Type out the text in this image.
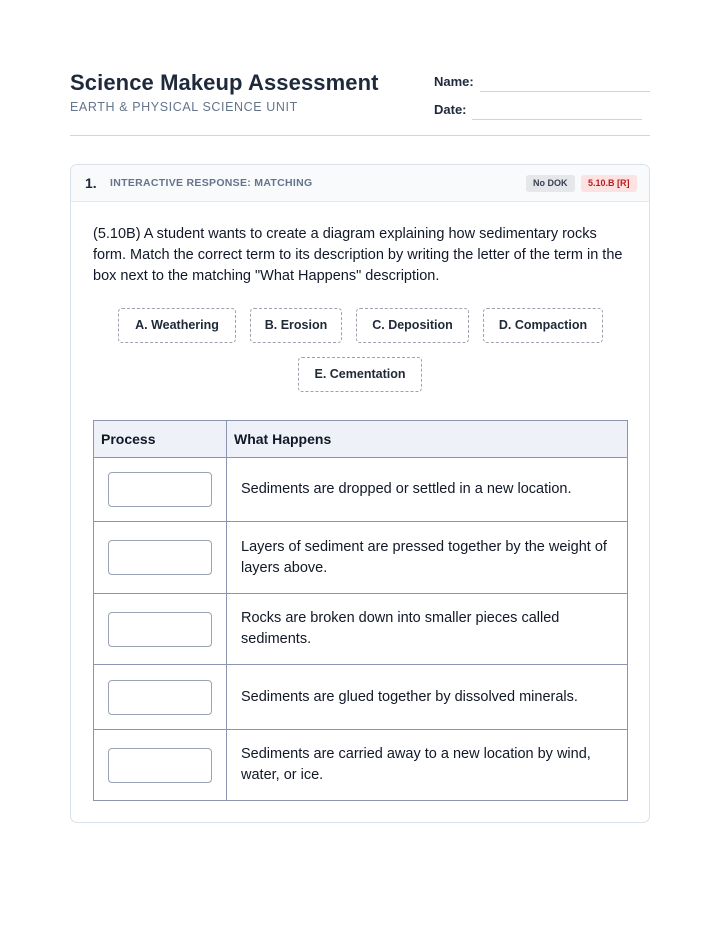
Science Makeup Assessment
EARTH & PHYSICAL SCIENCE UNIT
Name:
Date:
1. INTERACTIVE RESPONSE: MATCHING	No DOK	5.10.B [R]

(5.10B) A student wants to create a diagram explaining how sedimentary rocks form. Match the correct term to its description by writing the letter of the term in the box next to the matching "What Happens" description.

A. Weathering	B. Erosion	C. Deposition	D. Compaction
E. Cementation
Process	What Happens
	Sediments are dropped or settled in a new location.
	Layers of sediment are pressed together by the weight of layers above.
	Rocks are broken down into smaller pieces called sediments.
	Sediments are glued together by dissolved minerals.
	Sediments are carried away to a new location by wind, water, or ice.
